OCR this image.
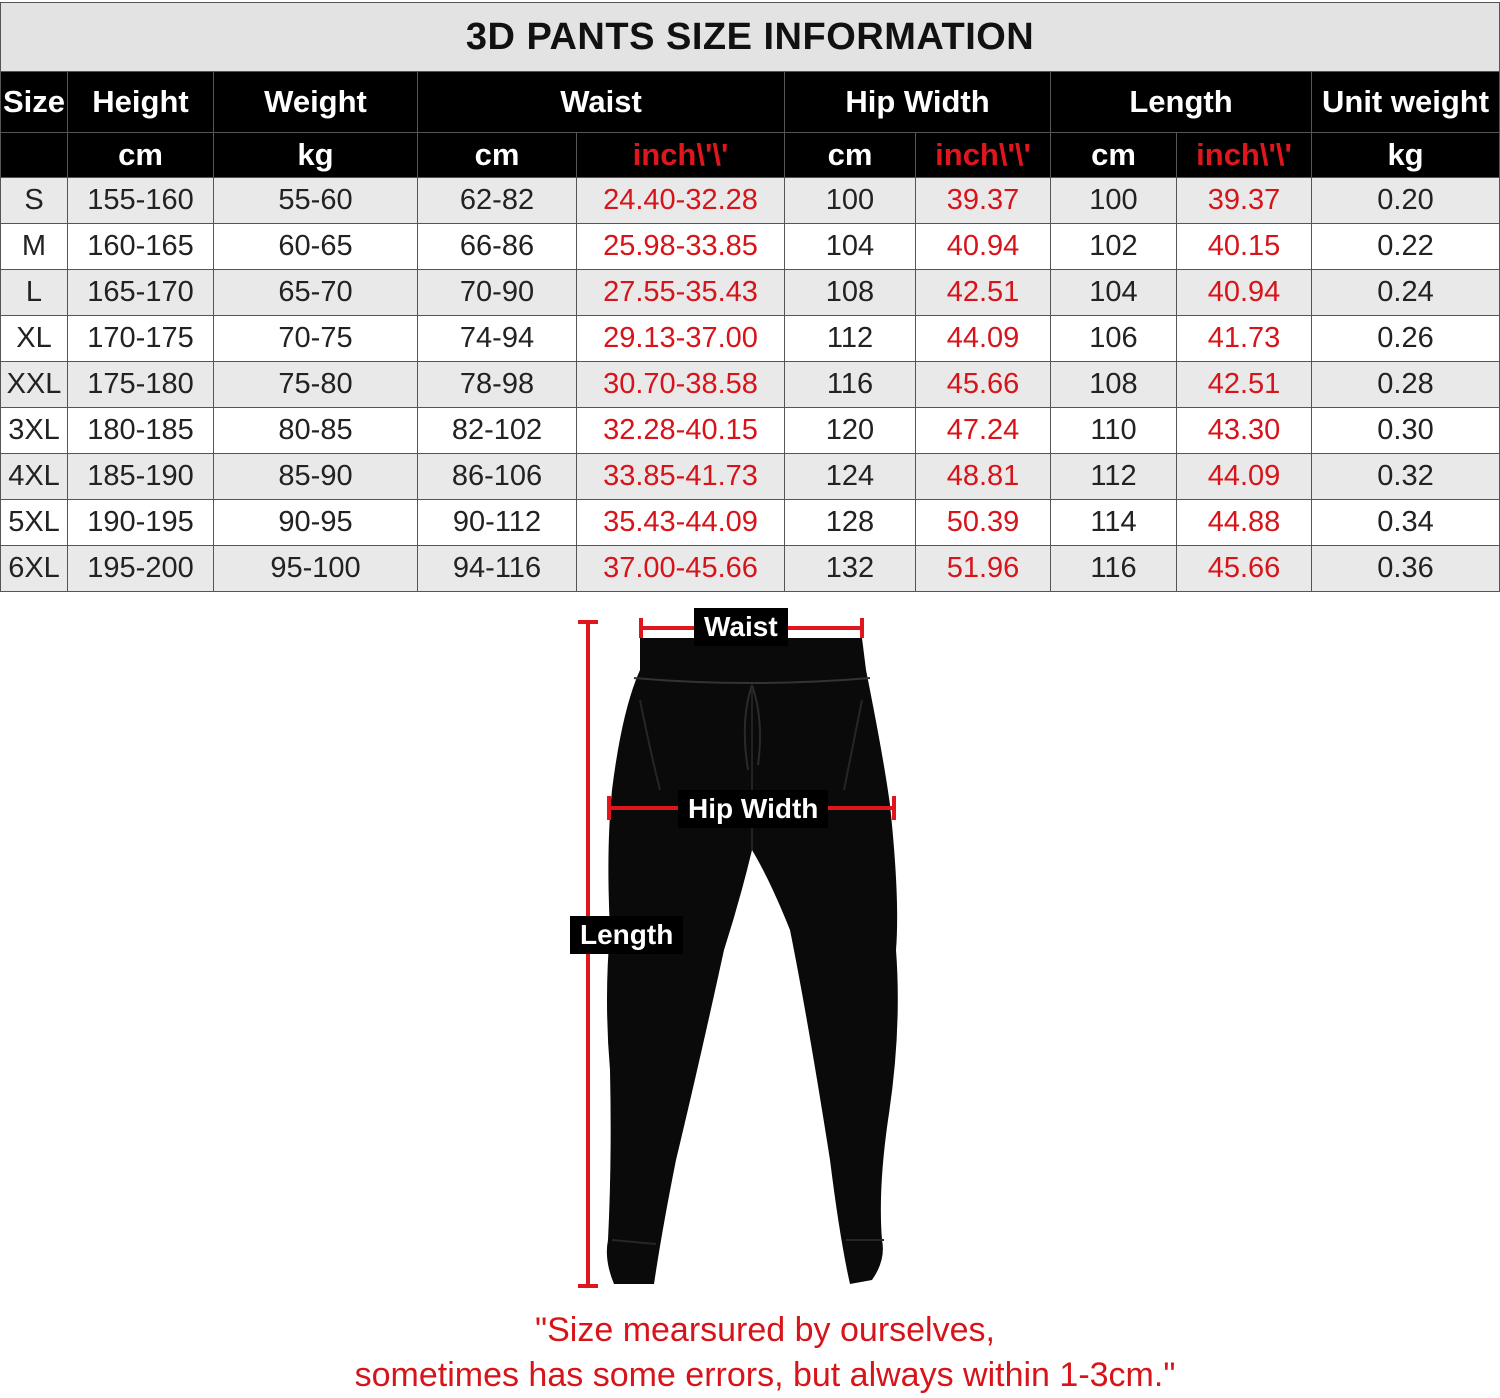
3D PANTS SIZE INFORMATION									
Size	Height	Weight	Waist		Hip Width		Length		Unit weight
	cm	kg	cm	inch\'\'	cm	inch\'\'	cm	inch\'\'	kg
S	155-160	55-60	62-82	24.40-32.28	100	39.37	100	39.37	0.20
M	160-165	60-65	66-86	25.98-33.85	104	40.94	102	40.15	0.22
L	165-170	65-70	70-90	27.55-35.43	108	42.51	104	40.94	0.24
XL	170-175	70-75	74-94	29.13-37.00	112	44.09	106	41.73	0.26
XXL	175-180	75-80	78-98	30.70-38.58	116	45.66	108	42.51	0.28
3XL	180-185	80-85	82-102	32.28-40.15	120	47.24	110	43.30	0.30
4XL	185-190	85-90	86-106	33.85-41.73	124	48.81	112	44.09	0.32
5XL	190-195	90-95	90-112	35.43-44.09	128	50.39	114	44.88	0.34
6XL	195-200	95-100	94-116	37.00-45.66	132	51.96	116	45.66	0.36
Waist
Hip Width
Length
"Size mearsured by ourselves,
sometimes has some errors, but always within 1-3cm."
